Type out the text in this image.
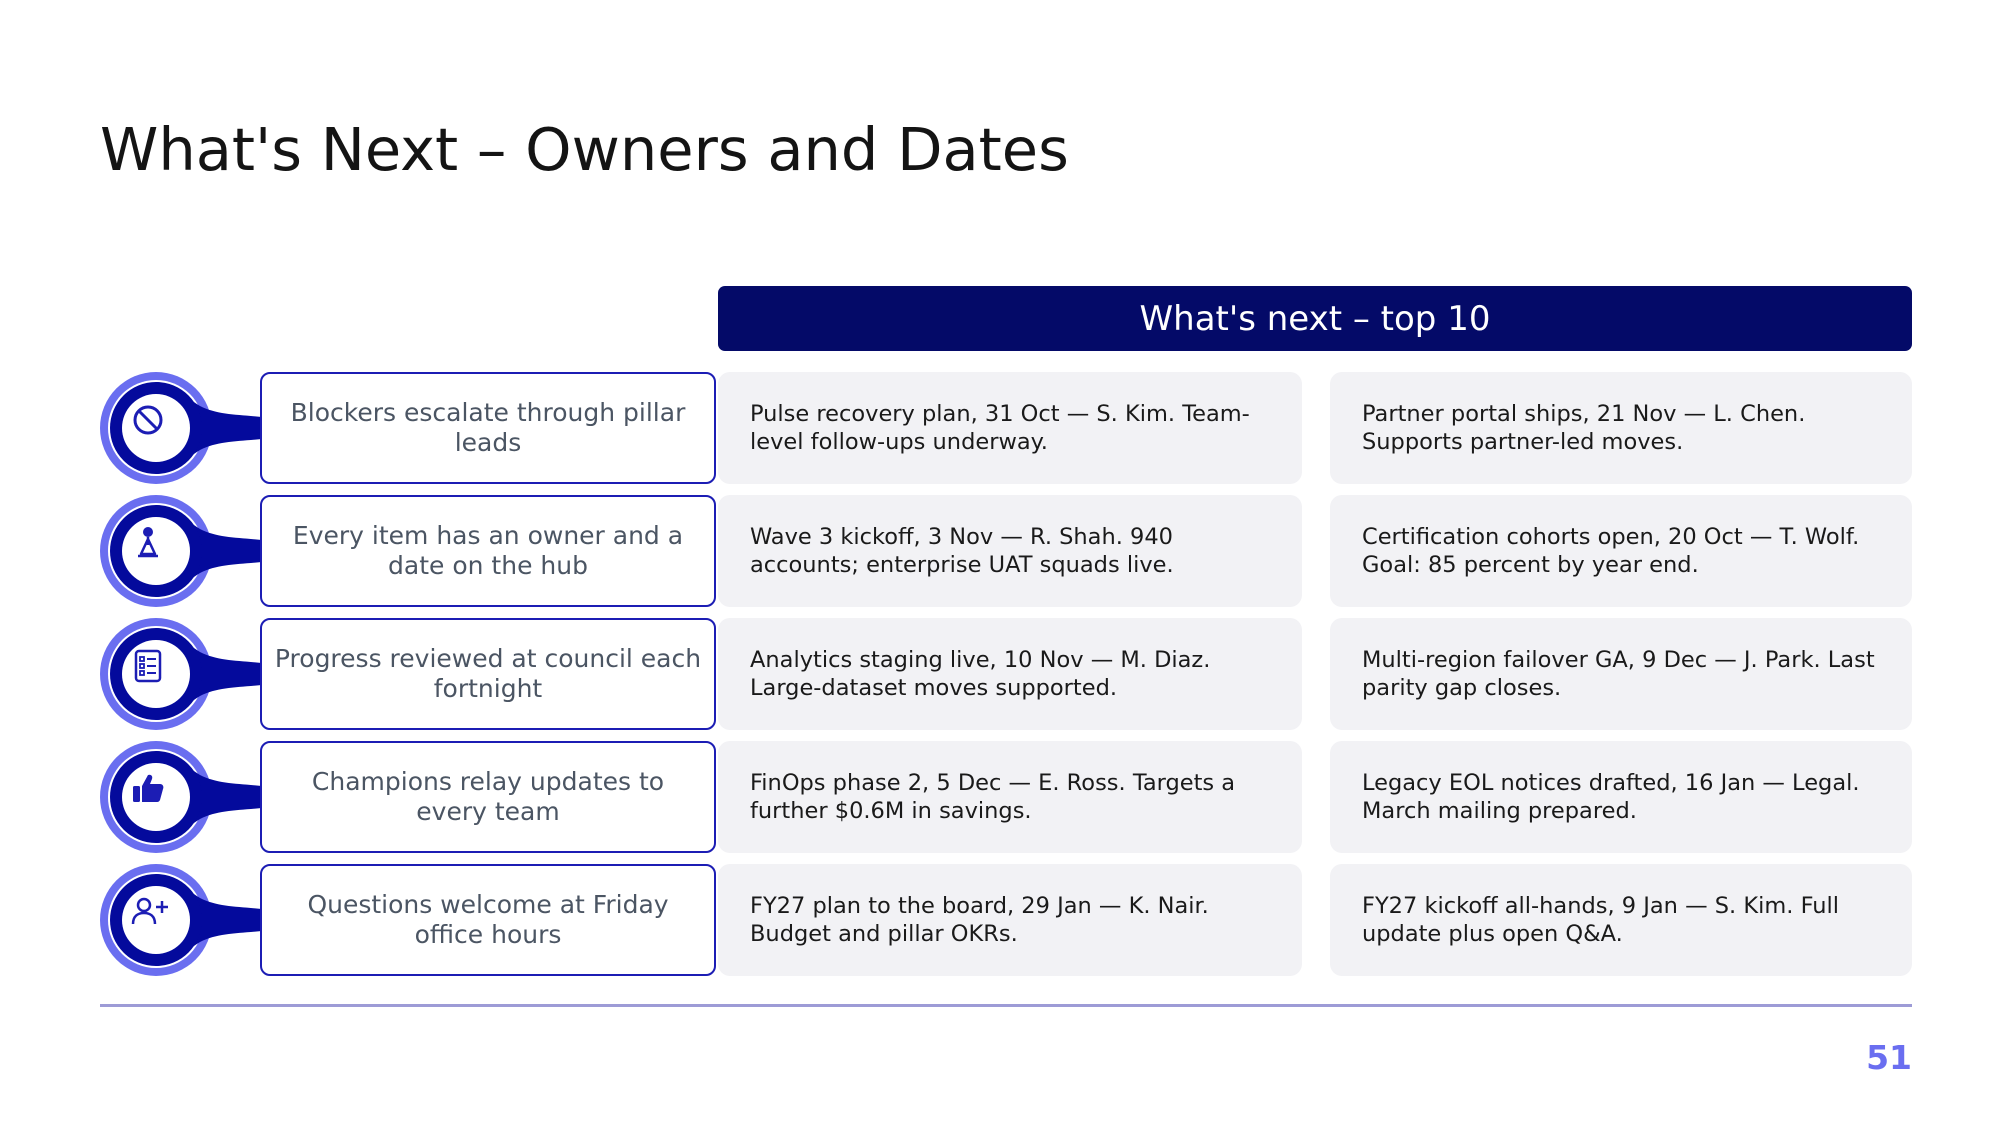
What's Next – Owners and Dates
What's next – top 10
Blockers escalate through pillar leads
Pulse recovery plan, 31 Oct — S. Kim. Team-level follow-ups underway.
Partner portal ships, 21 Nov — L. Chen. Supports partner-led moves.
Every item has an owner and a date on the hub
Wave 3 kickoff, 3 Nov — R. Shah. 940 accounts; enterprise UAT squads live.
Certification cohorts open, 20 Oct — T. Wolf. Goal: 85 percent by year end.
Progress reviewed at council each fortnight
Analytics staging live, 10 Nov — M. Diaz. Large-dataset moves supported.
Multi-region failover GA, 9 Dec — J. Park. Last parity gap closes.
Champions relay updates to every team
FinOps phase 2, 5 Dec — E. Ross. Targets a further $0.6M in savings.
Legacy EOL notices drafted, 16 Jan — Legal. March mailing prepared.
Questions welcome at Friday office hours
FY27 plan to the board, 29 Jan — K. Nair. Budget and pillar OKRs.
FY27 kickoff all-hands, 9 Jan — S. Kim. Full update plus open Q&A.
51
